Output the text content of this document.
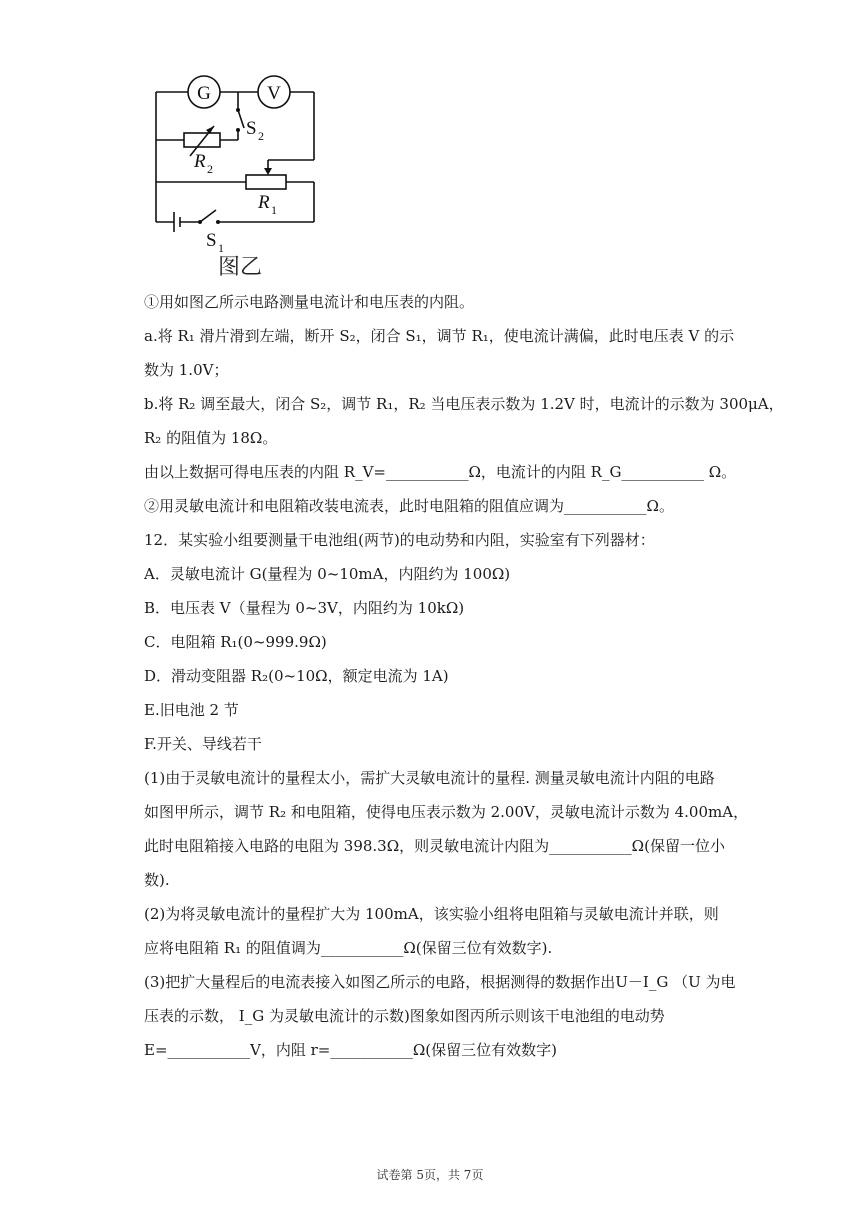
G	V
S 2
R 2
R 1
S 1
图乙

①用如图乙所示电路测量电流计和电压表的内阻。

a.将 R₁ 滑片滑到左端，断开 S₂，闭合 S₁，调节 R₁，使电流计满偏，此时电压表 V 的示

数为 1.0V；

b.将 R₂ 调至最大，闭合 S₂，调节 R₁，R₂ 当电压表示数为 1.2V 时，电流计的示数为 300μA，

R₂ 的阻值为 18Ω。

由以上数据可得电压表的内阻 R_V=___________Ω，电流计的内阻 R_G___________ Ω。

②用灵敏电流计和电阻箱改装电流表，此时电阻箱的阻值应调为___________Ω。

12．某实验小组要测量干电池组(两节)的电动势和内阻，实验室有下列器材：

A．灵敏电流计 G(量程为 0~10mA，内阻约为 100Ω)

B．电压表 V（量程为 0~3V，内阻约为 10kΩ)

C．电阻箱 R₁(0~999.9Ω)

D．滑动变阻器 R₂(0~10Ω，额定电流为 1A)

E.旧电池 2 节

F.开关、导线若干

(1)由于灵敏电流计的量程太小，需扩大灵敏电流计的量程. 测量灵敏电流计内阻的电路

如图甲所示，调节 R₂ 和电阻箱，使得电压表示数为 2.00V，灵敏电流计示数为 4.00mA，

此时电阻箱接入电路的电阻为 398.3Ω，则灵敏电流计内阻为___________Ω(保留一位小

数).

(2)为将灵敏电流计的量程扩大为 100mA，该实验小组将电阻箱与灵敏电流计并联，则

应将电阻箱 R₁ 的阻值调为___________Ω(保留三位有效数字).

(3)把扩大量程后的电流表接入如图乙所示的电路，根据测得的数据作出U－I_G （U 为电

压表的示数， I_G 为灵敏电流计的示数)图象如图丙所示则该干电池组的电动势

E=___________V，内阻 r=___________Ω(保留三位有效数字)

试卷第 5页，共 7页
